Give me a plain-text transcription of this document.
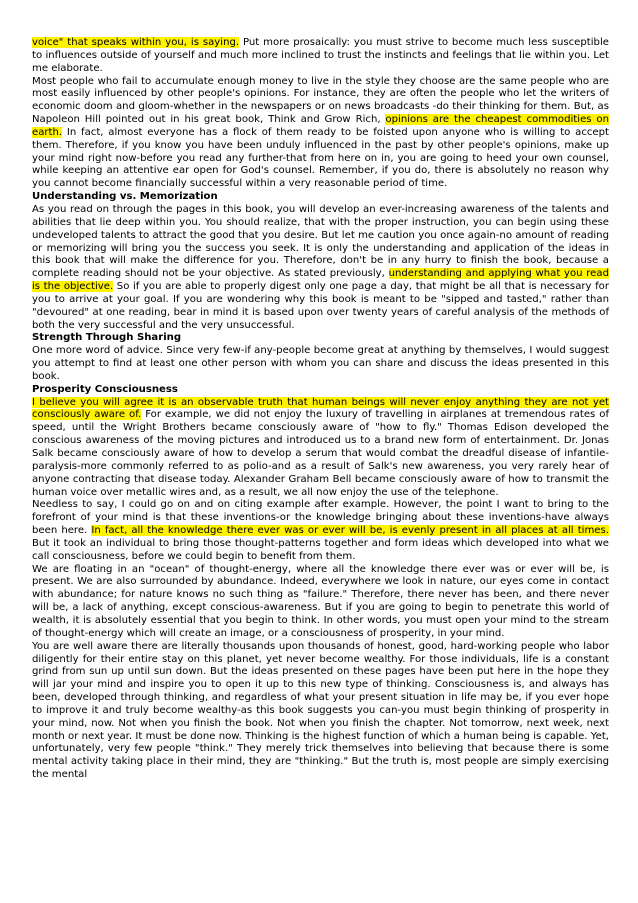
voice" that speaks within you, is saying. Put more prosaically: you must strive to become much less susceptible to influences outside of yourself and much more inclined to trust the instincts and feelings that lie within you. Let me elaborate.

Most people who fail to accumulate enough money to live in the style they choose are the same people who are most easily influenced by other people's opinions. For instance, they are often the people who let the writers of economic doom and gloom-whether in the newspapers or on news broadcasts -do their thinking for them. But, as Napoleon Hill pointed out in his great book, Think and Grow Rich, opinions are the cheapest commodities on earth. In fact, almost everyone has a flock of them ready to be foisted upon anyone who is willing to accept them. Therefore, if you know you have been unduly influenced in the past by other people's opinions, make up your mind right now-before you read any further-that from here on in, you are going to heed your own counsel, while keeping an attentive ear open for God's counsel. Remember, if you do, there is absolutely no reason why you cannot become financially successful within a very reasonable period of time.

Understanding vs. Memorization

As you read on through the pages in this book, you will develop an ever-increasing awareness of the talents and abilities that lie deep within you. You should realize, that with the proper instruction, you can begin using these undeveloped talents to attract the good that you desire. But let me caution you once again-no amount of reading or memorizing will bring you the success you seek. It is only the understanding and application of the ideas in this book that will make the difference for you. Therefore, don't be in any hurry to finish the book, because a complete reading should not be your objective. As stated previously, understanding and applying what you read is the objective. So if you are able to properly digest only one page a day, that might be all that is necessary for you to arrive at your goal. If you are wondering why this book is meant to be "sipped and tasted," rather than "devoured" at one reading, bear in mind it is based upon over twenty years of careful analysis of the methods of both the very successful and the very unsuccessful.

Strength Through Sharing

One more word of advice. Since very few-if any-people become great at anything by themselves, I would suggest you attempt to find at least one other person with whom you can share and discuss the ideas presented in this book.

Prosperity Consciousness

I believe you will agree it is an observable truth that human beings will never enjoy anything they are not yet consciously aware of. For example, we did not enjoy the luxury of travelling in airplanes at tremendous rates of speed, until the Wright Brothers became consciously aware of "how to fly." Thomas Edison developed the conscious awareness of the moving pictures and introduced us to a brand new form of entertainment. Dr. Jonas Salk became consciously aware of how to develop a serum that would combat the dreadful disease of infantile-paralysis-more commonly referred to as polio-and as a result of Salk's new awareness, you very rarely hear of anyone contracting that disease today. Alexander Graham Bell became consciously aware of how to transmit the human voice over metallic wires and, as a result, we all now enjoy the use of the telephone.

Needless to say, I could go on and on citing example after example. However, the point I want to bring to the forefront of your mind is that these inventions-or the knowledge bringing about these inventions-have always been here. In fact, all the knowledge there ever was or ever will be, is evenly present in all places at all times. But it took an individual to bring those thought-patterns together and form ideas which developed into what we call consciousness, before we could begin to benefit from them.

We are floating in an "ocean" of thought-energy, where all the knowledge there ever was or ever will be, is present. We are also surrounded by abundance. Indeed, everywhere we look in nature, our eyes come in contact with abundance; for nature knows no such thing as "failure." Therefore, there never has been, and there never will be, a lack of anything, except conscious-awareness. But if you are going to begin to penetrate this world of wealth, it is absolutely essential that you begin to think. In other words, you must open your mind to the stream of thought-energy which will create an image, or a consciousness of prosperity, in your mind.

You are well aware there are literally thousands upon thousands of honest, good, hard-working people who labor diligently for their entire stay on this planet, yet never become wealthy. For those individuals, life is a constant grind from sun up until sun down. But the ideas presented on these pages have been put here in the hope they will jar your mind and inspire you to open it up to this new type of thinking. Consciousness is, and always has been, developed through thinking, and regardless of what your present situation in life may be, if you ever hope to improve it and truly become wealthy-as this book suggests you can-you must begin thinking of prosperity in your mind, now. Not when you finish the book. Not when you finish the chapter. Not tomorrow, next week, next month or next year. It must be done now. Thinking is the highest function of which a human being is capable. Yet, unfortunately, very few people "think." They merely trick themselves into believing that because there is some mental activity taking place in their mind, they are "thinking." But the truth is, most people are simply exercising the mental
